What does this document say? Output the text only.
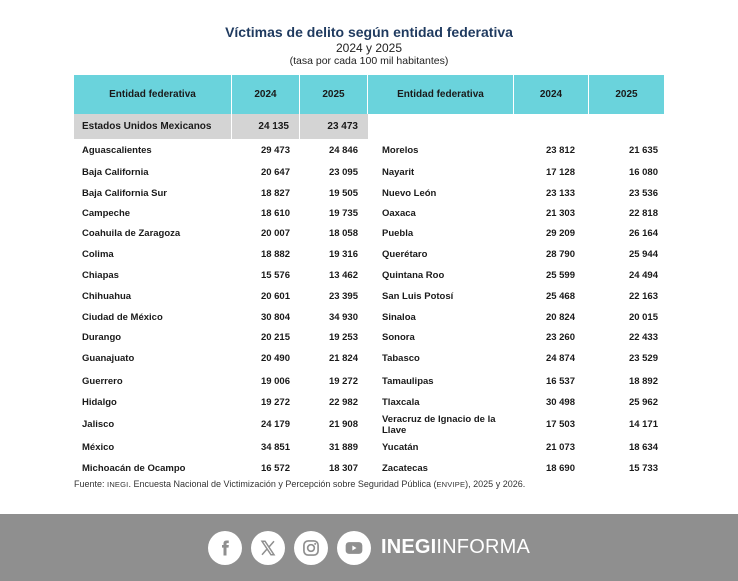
Víctimas de delito según entidad federativa
2024 y 2025
(tasa por cada 100 mil habitantes)
Entidad federativa	2024	2025	Entidad federativa	2024	2025
Estados Unidos Mexicanos	24 135	23 473
Aguascalientes	29 473	24 846	Morelos	23 812	21 635
Baja California	20 647	23 095	Nayarit	17 128	16 080
Baja California Sur	18 827	19 505	Nuevo León	23 133	23 536
Campeche	18 610	19 735	Oaxaca	21 303	22 818
Coahuila de Zaragoza	20 007	18 058	Puebla	29 209	26 164
Colima	18 882	19 316	Querétaro	28 790	25 944
Chiapas	15 576	13 462	Quintana Roo	25 599	24 494
Chihuahua	20 601	23 395	San Luis Potosí	25 468	22 163
Ciudad de México	30 804	34 930	Sinaloa	20 824	20 015
Durango	20 215	19 253	Sonora	23 260	22 433
Guanajuato	20 490	21 824	Tabasco	24 874	23 529
Guerrero	19 006	19 272	Tamaulipas	16 537	18 892
Hidalgo	19 272	22 982	Tlaxcala	30 498	25 962
Jalisco	24 179	21 908	Veracruz de Ignacio de la Llave	17 503	14 171
México	34 851	31 889	Yucatán	21 073	18 634
Michoacán de Ocampo	16 572	18 307	Zacatecas	18 690	15 733
Fuente: INEGI. Encuesta Nacional de Victimización y Percepción sobre Seguridad Pública (ENVIPE), 2025 y 2026.
INEGI INFORMA
